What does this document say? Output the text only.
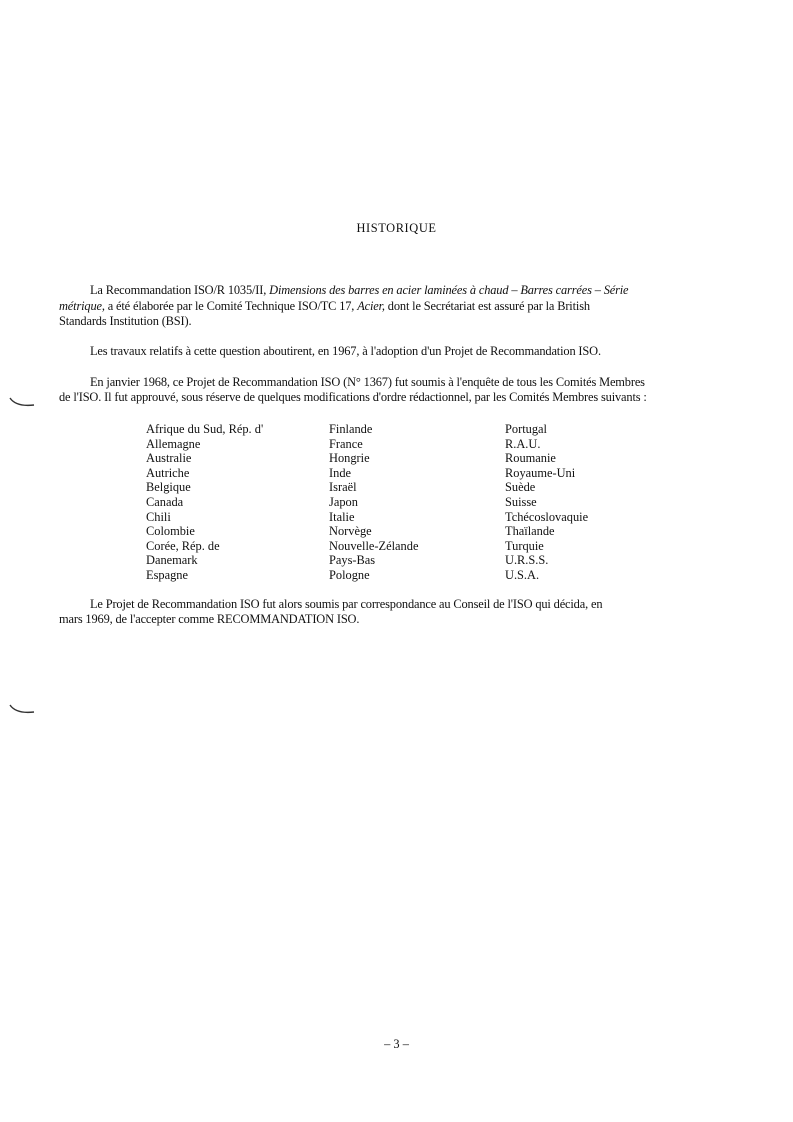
HISTORIQUE
La Recommandation ISO/R 1035/II, Dimensions des barres en acier laminées à chaud – Barres carrées – Série
métrique, a été élaborée par le Comité Technique ISO/TC 17, Acier, dont le Secrétariat est assuré par la British
Standards Institution (BSI).
Les travaux relatifs à cette question aboutirent, en 1967, à l'adoption d'un Projet de Recommandation ISO.
En janvier 1968, ce Projet de Recommandation ISO (N° 1367) fut soumis à l'enquête de tous les Comités Membres
de l'ISO. Il fut approuvé, sous réserve de quelques modifications d'ordre rédactionnel, par les Comités Membres suivants :
Afrique du Sud, Rép. d'
Allemagne
Australie
Autriche
Belgique
Canada
Chili
Colombie
Corée, Rép. de
Danemark
Espagne
Finlande
France
Hongrie
Inde
Israël
Japon
Italie
Norvège
Nouvelle-Zélande
Pays-Bas
Pologne
Portugal
R.A.U.
Roumanie
Royaume-Uni
Suède
Suisse
Tchécoslovaquie
Thaïlande
Turquie
U.R.S.S.
U.S.A.
Le Projet de Recommandation ISO fut alors soumis par correspondance au Conseil de l'ISO qui décida, en
mars 1969, de l'accepter comme RECOMMANDATION ISO.
– 3 –
